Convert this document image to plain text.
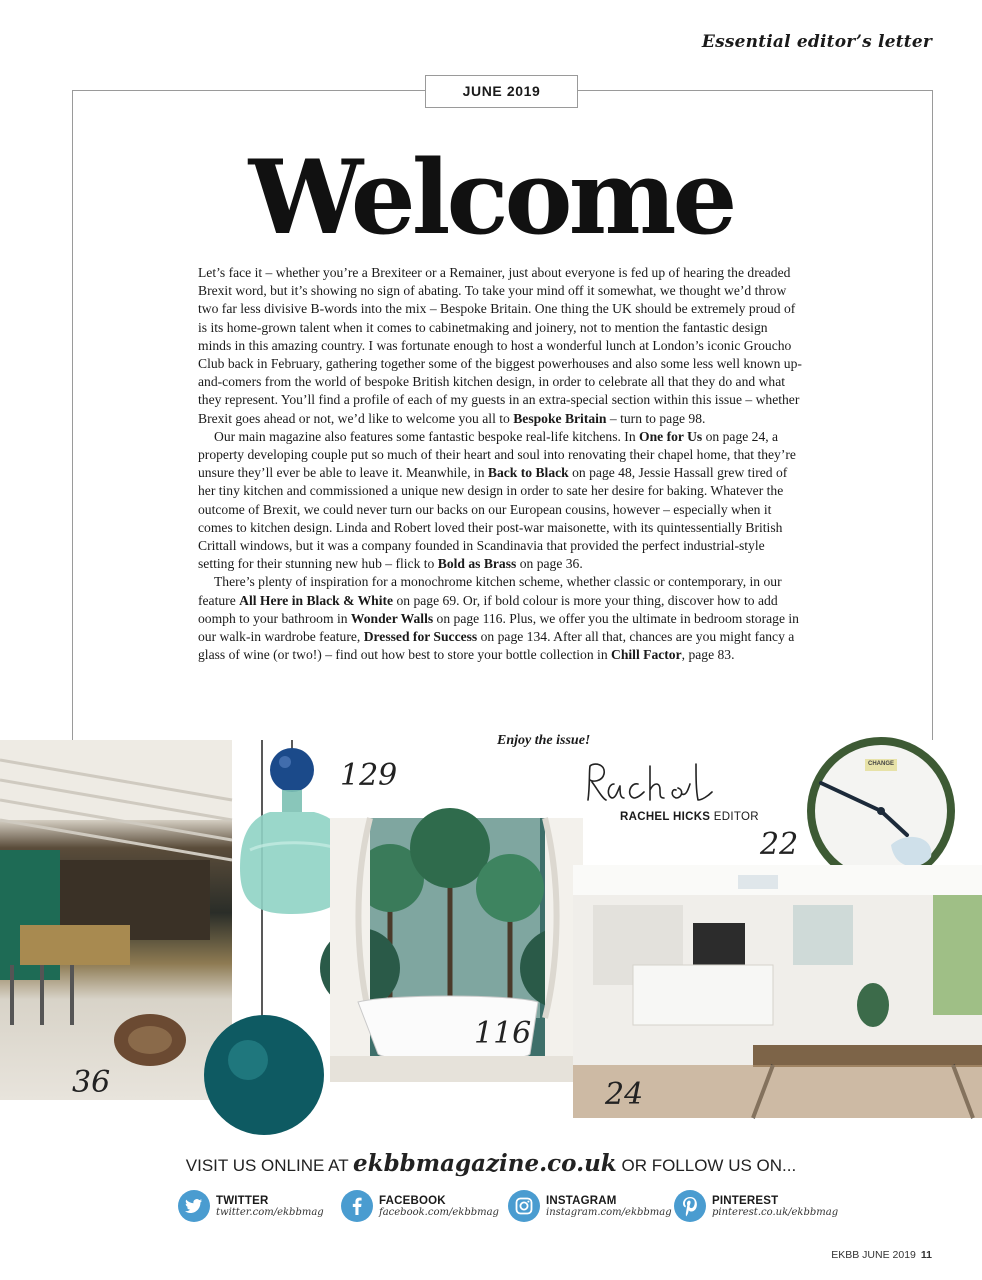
Essential editor’s letter
JUNE 2019
Welcome

Let’s face it – whether you’re a Brexiteer or a Remainer, just about everyone is fed up of hearing the dreaded Brexit word, but it’s showing no sign of abating. To take your mind off it somewhat, we thought we’d throw two far less divisive B-words into the mix – Bespoke Britain. One thing the UK should be extremely proud of is its home-grown talent when it comes to cabinetmaking and joinery, not to mention the fantastic design minds in this amazing country. I was fortunate enough to host a wonderful lunch at London’s iconic Groucho Club back in February, gathering together some of the biggest powerhouses and also some less well known up-and-comers from the world of bespoke British kitchen design, in order to celebrate all that they do and what they represent. You’ll find a profile of each of my guests in an extra-special section within this issue – whether Brexit goes ahead or not, we’d like to welcome you all to Bespoke Britain – turn to page 98.

Our main magazine also features some fantastic bespoke real-life kitchens. In One for Us on page 24, a property developing couple put so much of their heart and soul into renovating their chapel home, that they’re unsure they’ll ever be able to leave it. Meanwhile, in Back to Black on page 48, Jessie Hassall grew tired of her tiny kitchen and commissioned a unique new design in order to sate her desire for baking. Whatever the outcome of Brexit, we could never turn our backs on our European cousins, however – especially when it comes to kitchen design. Linda and Robert loved their post-war maisonette, with its quintessentially British Crittall windows, but it was a company founded in Scandinavia that provided the perfect industrial-style setting for their stunning new hub – flick to Bold as Brass on page 36.

There’s plenty of inspiration for a monochrome kitchen scheme, whether classic or contemporary, in our feature All Here in Black & White on page 69. Or, if bold colour is more your thing, discover how to add oomph to your bathroom in Wonder Walls on page 116. Plus, we offer you the ultimate in bedroom storage in our walk-in wardrobe feature, Dressed for Success on page 134. After all that, chances are you might fancy a glass of wine (or two!) – find out how best to store your bottle collection in Chill Factor, page 83.

Enjoy the issue!
RACHEL HICKS EDITOR
36
129
116
CHANGE
22
24
VISIT US ONLINE AT ekbbmagazine.co.uk OR FOLLOW US ON...
TWITTER
twitter.com/ekbbmag
FACEBOOK
facebook.com/ekbbmag
INSTAGRAM
instagram.com/ekbbmag
PINTEREST
pinterest.co.uk/ekbbmag
EKBB JUNE 2019 11
